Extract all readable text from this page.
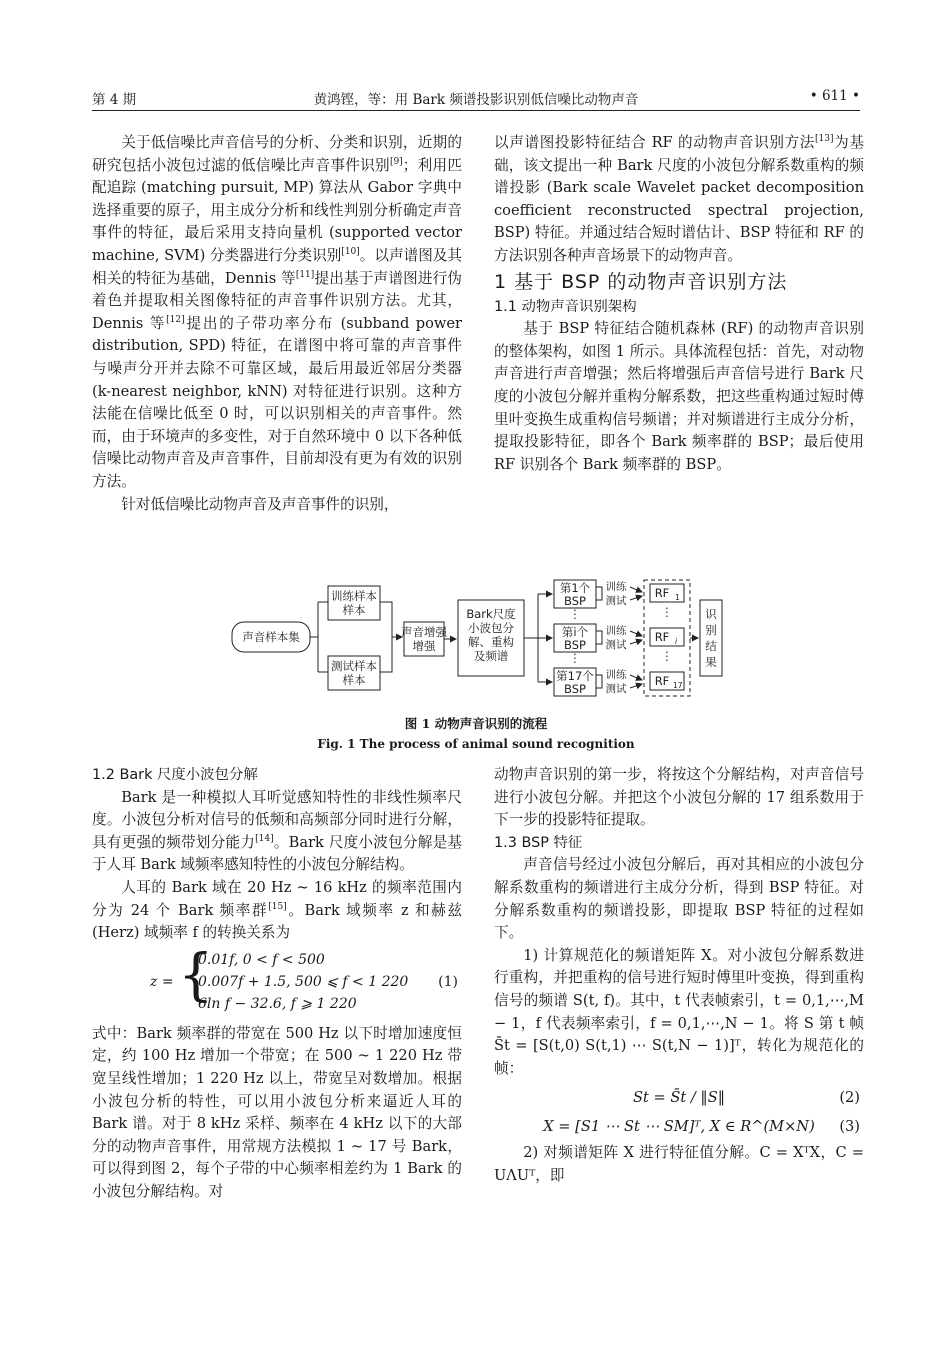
第 4 期	黄鸿铿，等：用 Bark 频谱投影识别低信噪比动物声音	• 611 •

关于低信噪比声音信号的分析、分类和识别，近期的研究包括小波包过滤的低信噪比声音事件识别[9]；利用匹配追踪 (matching pursuit, MP) 算法从 Gabor 字典中选择重要的原子，用主成分分析和线性判别分析确定声音事件的特征，最后采用支持向量机 (supported vector machine, SVM) 分类器进行分类识别[10]。以声谱图及其相关的特征为基础，Dennis 等[11]提出基于声谱图进行伪着色并提取相关图像特征的声音事件识别方法。尤其，Dennis 等[12]提出的子带功率分布 (subband power distribution, SPD) 特征，在谱图中将可靠的声音事件与噪声分开并去除不可靠区域，最后用最近邻居分类器 (k-nearest neighbor, kNN) 对特征进行识别。这种方法能在信噪比低至 0 时，可以识别相关的声音事件。然而，由于环境声的多变性，对于自然环境中 0 以下各种低信噪比动物声音及声音事件，目前却没有更为有效的识别方法。

针对低信噪比动物声音及声音事件的识别，

以声谱图投影特征结合 RF 的动物声音识别方法[13]为基础，该文提出一种 Bark 尺度的小波包分解系数重构的频谱投影 (Bark scale Wavelet packet decomposition coefficient reconstructed spectral projection, BSP) 特征。并通过结合短时谱估计、BSP 特征和 RF 的方法识别各种声音场景下的动物声音。

1 基于 BSP 的动物声音识别方法

1.1 动物声音识别架构

基于 BSP 特征结合随机森林 (RF) 的动物声音识别的整体架构，如图 1 所示。具体流程包括：首先，对动物声音进行声音增强；然后将增强后声音信号进行 Bark 尺度的小波包分解并重构分解系数，把这些重构通过短时傅里叶变换生成重构信号频谱；并对频谱进行主成分分析，提取投影特征，即各个 Bark 频率群的 BSP；最后使用 RF 识别各个 Bark 频率群的 BSP。

声音样本集
训练样本
测试样本
声音增强
Bark尺度
小波包分
解、重构
及频谱
第1个
BSP
⋮
第i个
BSP
⋮
第17个
BSP
训练
测试
训练
测试
训练
测试
RF 1
⋮
RF i
⋮
RF 17
识
别
结
果
样本
样本
增强
图 1 动物声音识别的流程
Fig. 1 The process of animal sound recognition

1.2 Bark 尺度小波包分解

Bark 是一种模拟人耳听觉感知特性的非线性频率尺度。小波包分析对信号的低频和高频部分同时进行分解，具有更强的频带划分能力[14]。Bark 尺度小波包分解是基于人耳 Bark 域频率感知特性的小波包分解结构。

人耳的 Bark 域在 20 Hz ~ 16 kHz 的频率范围内分为 24 个 Bark 频率群[15]。Bark 域频率 z 和赫兹 (Herz) 域频率 f 的转换关系为

z = {
0.01f, 0 < f < 500
0.007f + 1.5, 500 ⩽ f < 1 220
6ln f − 32.6, f ⩾ 1 220
(1)

式中：Bark 频率群的带宽在 500 Hz 以下时增加速度恒定，约 100 Hz 增加一个带宽；在 500 ~ 1 220 Hz 带宽呈线性增加；1 220 Hz 以上，带宽呈对数增加。根据小波包分析的特性，可以用小波包分析来逼近人耳的 Bark 谱。对于 8 kHz 采样、频率在 4 kHz 以下的大部分的动物声音事件，用常规方法模拟 1 ~ 17 号 Bark，可以得到图 2，每个子带的中心频率相差约为 1 Bark 的小波包分解结构。对

动物声音识别的第一步，将按这个分解结构，对声音信号进行小波包分解。并把这个小波包分解的 17 组系数用于下一步的投影特征提取。

1.3 BSP 特征

声音信号经过小波包分解后，再对其相应的小波包分解系数重构的频谱进行主成分分析，得到 BSP 特征。对分解系数重构的频谱投影，即提取 BSP 特征的过程如下。

1) 计算规范化的频谱矩阵 X。对小波包分解系数进行重构，并把重构的信号进行短时傅里叶变换，得到重构信号的频谱 S(t, f)。其中，t 代表帧索引，t = 0,1,⋯,M − 1，f 代表频率索引，f = 0,1,⋯,N − 1。将 S 第 t 帧 S̄t = [S(t,0) S(t,1) ⋯ S(t,N − 1)]ᵀ，转化为规范化的帧：

St = S̄t / ‖S‖	(2)
X = [S1 ⋯ St ⋯ SM]ᵀ, X ∈ R^(M×N)	(3)

2) 对频谱矩阵 X 进行特征值分解。C = XᵀX，C = UΛUᵀ，即
